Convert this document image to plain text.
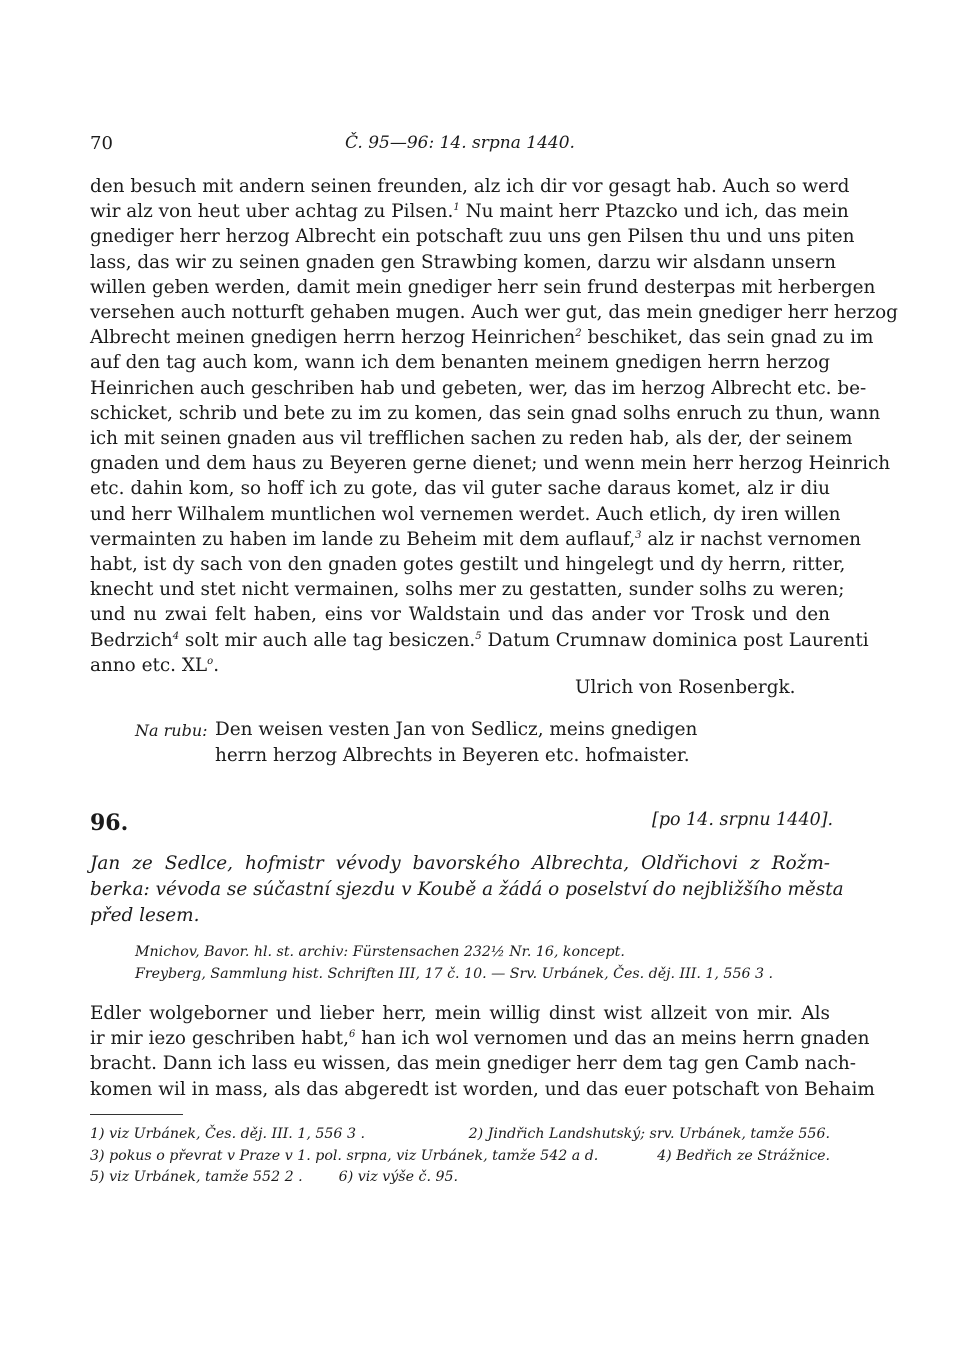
70	Č. 95—96: 14. srpna 1440.
den besuch mit andern seinen freunden, alz ich dir vor gesagt hab. Auch so werd
wir alz von heut uber achtag zu Pilsen.$^1$ Nu maint herr Ptazcko und ich, das mein
gnediger herr herzog Albrecht ein potschaft zuu uns gen Pilsen thu und uns piten
lass, das wir zu seinen gnaden gen Strawbing komen, darzu wir alsdann unsern
willen geben werden, damit mein gnediger herr sein frund desterpas mit herbergen
versehen auch notturft gehaben mugen. Auch wer gut, das mein gnediger herr herzog
Albrecht meinen gnedigen herrn herzog Heinrichen$^2$ beschiket, das sein gnad zu im
auf den tag auch kom, wann ich dem benanten meinem gnedigen herrn herzog
Heinrichen auch geschriben hab und gebeten, wer, das im herzog Albrecht etc. be-
schicket, schrib und bete zu im zu komen, das sein gnad solhs enruch zu thun, wann
ich mit seinen gnaden aus vil trefflichen sachen zu reden hab, als der, der seinem
gnaden und dem haus zu Beyeren gerne dienet; und wenn mein herr herzog Heinrich
etc. dahin kom, so hoff ich zu gote, das vil guter sache daraus komet, alz ir diu
und herr Wilhalem muntlichen wol vernemen werdet. Auch etlich, dy iren willen
vermainten zu haben im lande zu Beheim mit dem auflauf,$^3$ alz ir nachst vernomen
habt, ist dy sach von den gnaden gotes gestilt und hingelegt und dy herrn, ritter,
knecht und stet nicht vermainen, solhs mer zu gestatten, sunder solhs zu weren;
und nu zwai felt haben, eins vor Waldstain und das ander vor Trosk und den
Bedrzich$^4$ solt mir auch alle tag besiczen.$^5$ Datum Crumnaw dominica post Laurenti
anno etc. $XL^o$.
Ulrich von Rosenbergk.
Na rubu: Den weisen vesten Jan von Sedlicz, meins gnedigen
herrn herzog Albrechts in Beyeren etc. hofmaister.
96.	[po 14. srpnu 1440].
Jan ze Sedlce, hofmistr vévody bavorského Albrechta, Oldřichovi z Rožm-
berka: vévoda se súčastní sjezdu v Koubě a žádá o poselství do nejbližšího města
před lesem.
Mnichov, Bavor. hl. st. archiv: Fürstensachen 232½ Nr. 16, koncept.
Freyberg, Sammlung hist. Schriften III, 17 č. 10. — Srv. Urbánek, Čes. děj. III. 1, 556 3 .
Edler wolgeborner und lieber herr, mein willig dinst wist allzeit von mir. Als
ir mir iezo geschriben habt,$^6$ han ich wol vernomen und das an meins herrn gnaden
bracht. Dann ich lass eu wissen, das mein gnediger herr dem tag gen Camb nach-
komen wil in mass, als das abgeredt ist worden, und das euer potschaft von Behaim
1) viz Urbánek, Čes. děj. III. 1, 556 3 .	2) Jindřich Landshutský; srv. Urbánek, tamže 556.
3) pokus o převrat v Praze v 1. pol. srpna, viz Urbánek, tamže 542 a d.	4) Bedřich ze Strážnice.
5) viz Urbánek, tamže 552 2 .	6) viz výše č. 95.
